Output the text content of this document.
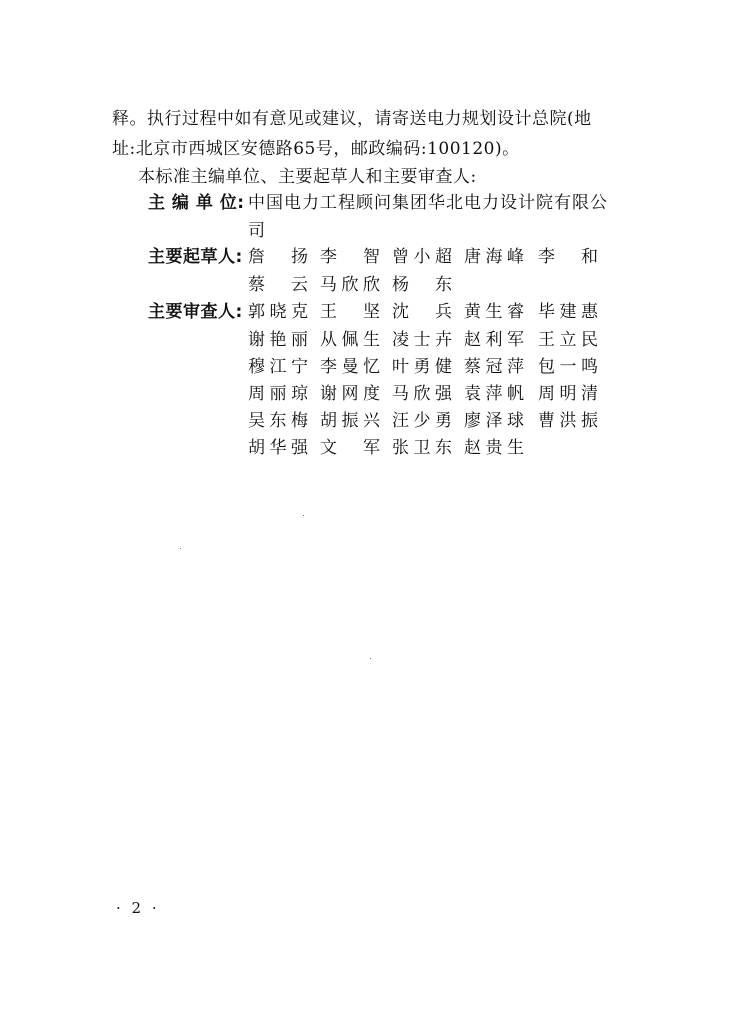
释。执行过程中如有意见或建议，请寄送电力规划设计总院(地
址:北京市西城区安德路65号，邮政编码:100120)。
本标准主编单位、主要起草人和主要审查人:
主 编 单 位: 中国电力工程顾问集团华北电力设计院有限公
司
主要起草人: 詹 扬 李 智 曾小超 唐海峰 李 和
蔡 云 马欣欣 杨 东
主要审查人: 郭晓克 王 坚 沈 兵 黄生睿 毕建惠
谢艳丽 从佩生 凌士卉 赵利军 王立民
穆江宁 李曼忆 叶勇健 蔡冠萍 包一鸣
周丽琼 谢网度 马欣强 袁萍帆 周明清
吴东梅 胡振兴 汪少勇 廖泽球 曹洪振
胡华强 文 军 张卫东 赵贵生
· 2 ·
